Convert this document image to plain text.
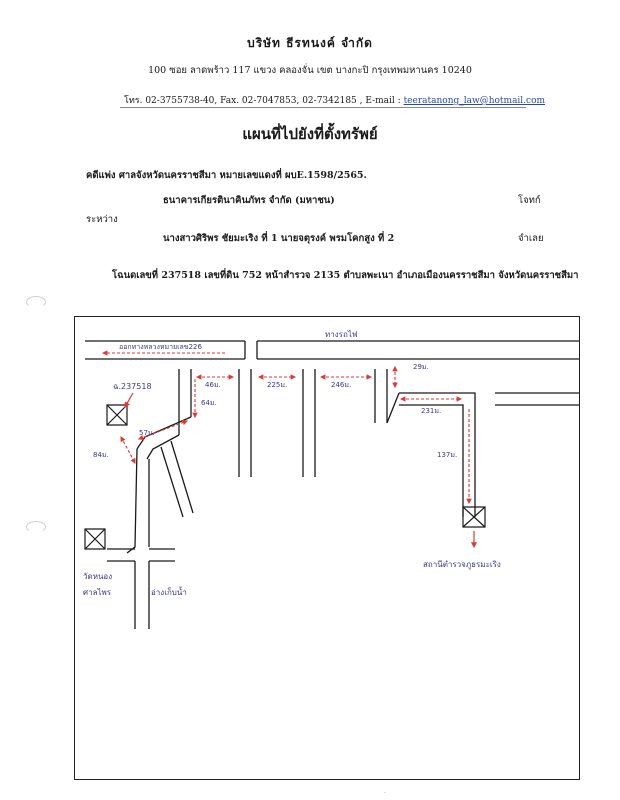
บริษัท ธีรทนงค์ จำกัด
100 ซอย ลาดพร้าว 117 แขวง คลองจั่น เขต บางกะปิ กรุงเทพมหานคร 10240
โทร. 02-3755738-40, Fax. 02-7047853, 02-7342185 , E-mail : teeratanong_law@hotmail.com
แผนที่ไปยังที่ตั้งทรัพย์
คดีแพ่ง ศาลจังหวัดนครราชสีมา หมายเลขแดงที่ ผบE.1598/2565.
ธนาคารเกียรตินาคินภัทร จำกัด (มหาชน)	โจทก์
ระหว่าง
นางสาวศิริพร ชัยมะเริง ที่ 1 นายจตุรงค์ พรมโคกสูง ที่ 2	จำเลย
โฉนดเลขที่ 237518 เลขที่ดิน 752 หน้าสำรวจ 2135 ตำบลพะเนา อำเภอเมืองนครราชสีมา จังหวัดนครราชสีมา
ทางรถไฟ
ออกทางหลวงหมายเลข226
ฉ.237518	46ม.
64ม.
225ม.	246ม.
29ม.
231ม.
137ม.
57ม.
84ม.
วัดหนอง
ศาลไพร	อ่างเก็บน้ำ
สถานีตำรวจภูธรมะเริง
·
